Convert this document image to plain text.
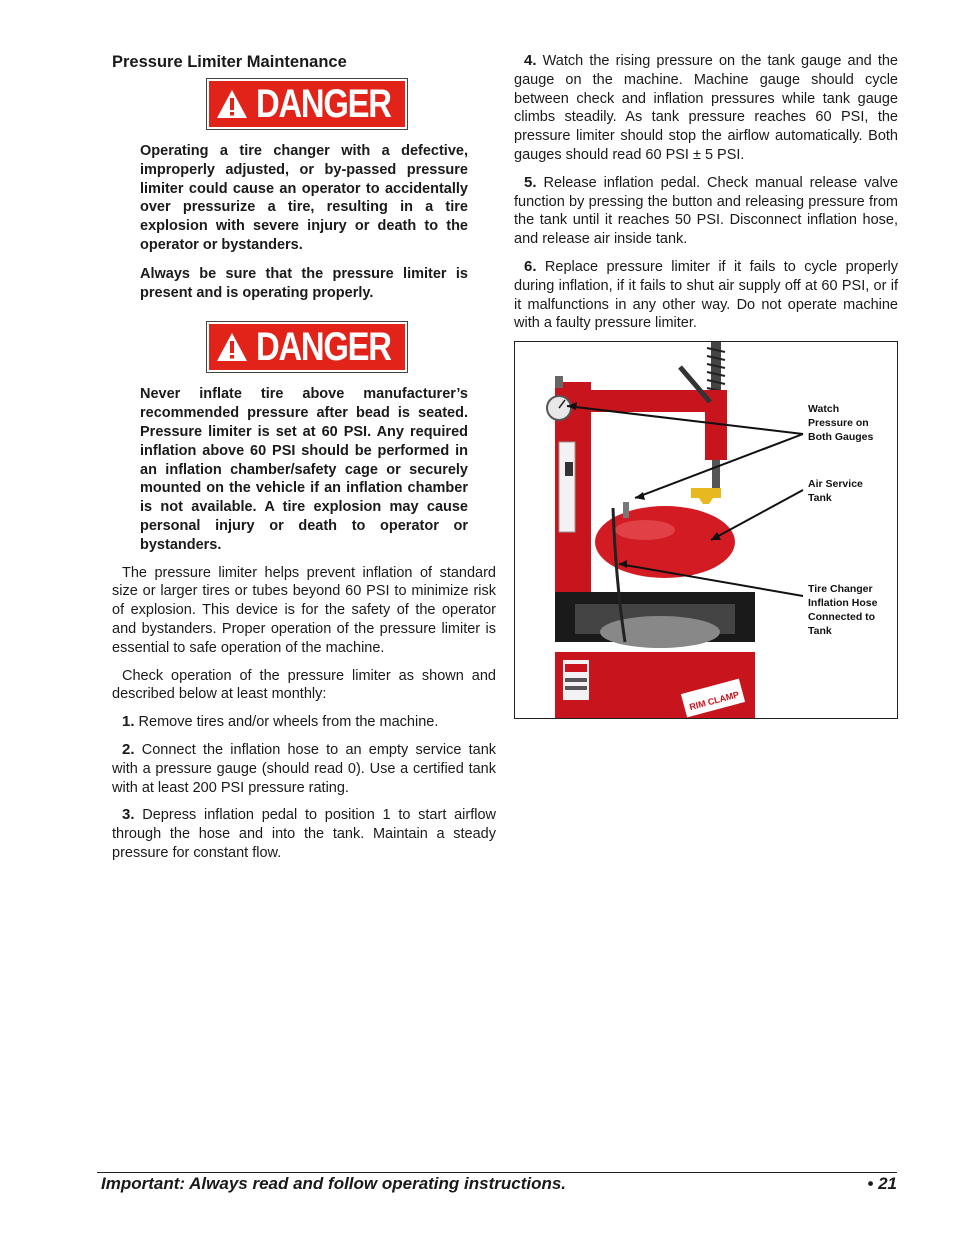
Pressure Limiter Maintenance
DANGER

Operating a tire changer with a defective, improperly adjusted, or by-passed pressure limiter could cause an operator to accidentally over pressurize a tire, resulting in a tire explosion with severe injury or death to the operator or bystanders.

Always be sure that the pressure limiter is present and is operating properly.

DANGER

Never inflate tire above manufacturer’s recommended pressure after bead is seated. Pressure limiter is set at 60 PSI. Any required inflation above 60 PSI should be performed in an inflation chamber/safety cage or securely mounted on the vehicle if an inflation chamber is not available. A tire explosion may cause personal injury or death to operator or bystanders.

The pressure limiter helps prevent inflation of standard size or larger tires or tubes beyond 60 PSI to minimize risk of explosion. This device is for the safety of the operator and bystanders. Proper operation of the pressure limiter is essential to safe operation of the machine.

Check operation of the pressure limiter as shown and described below at least monthly:

1. Remove tires and/or wheels from the machine.

2. Connect the inflation hose to an empty service tank with a pressure gauge (should read 0). Use a certified tank with at least 200 PSI pressure rating.

3. Depress inflation pedal to position 1 to start airflow through the hose and into the tank. Maintain a steady pressure for constant flow.

4. Watch the rising pressure on the tank gauge and the gauge on the machine. Machine gauge should cycle between check and inflation pressures while tank gauge climbs steadily. As tank pressure reaches 60 PSI, the pressure limiter should stop the airflow automatically. Both gauges should read 60 PSI ± 5 PSI.

5. Release inflation pedal. Check manual release valve function by pressing the button and releasing pressure from the tank until it reaches 50 PSI. Disconnect inflation hose, and release air inside tank.

6. Replace pressure limiter if it fails to cycle properly during inflation, if it fails to shut air supply off at 60 PSI, or if it malfunctions in any other way. Do not operate machine with a faulty pressure limiter.

RIM CLAMP
Watch
Pressure on
Both Gauges
Air Service
Tank
Tire Changer
Inflation Hose
Connected to
Tank
Important: Always read and follow operating instructions.	• 21
